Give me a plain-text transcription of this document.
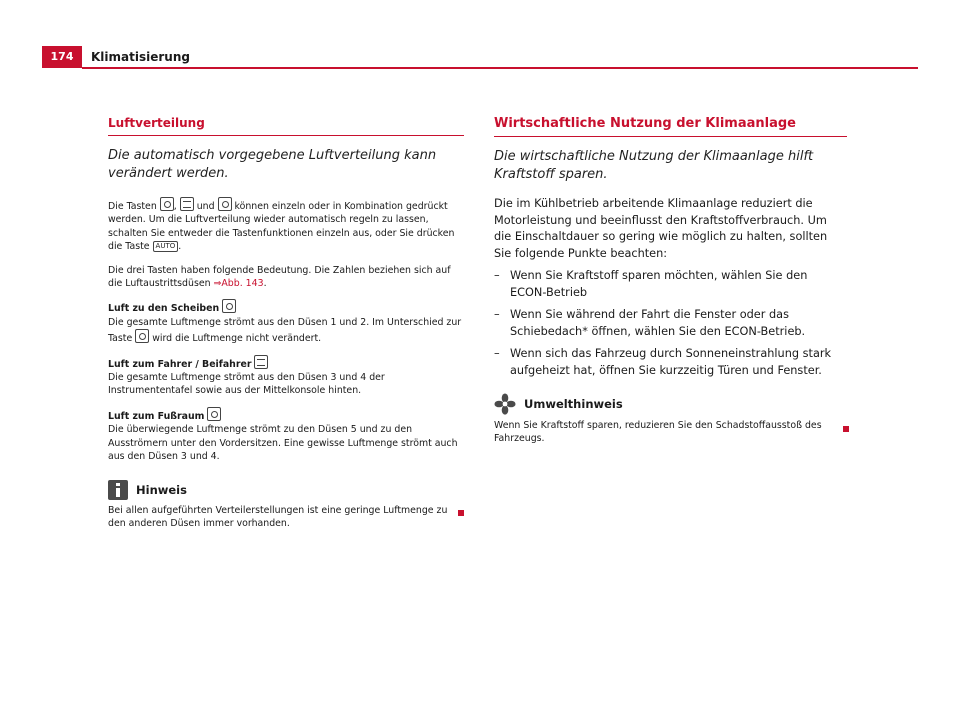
174	Klimatisierung
Luftverteilung
Die automatisch vorgegebene Luftverteilung kann verändert werden.

Die Tasten
,
und
können einzeln oder in Kombination gedrückt werden. Um die Luftverteilung wieder automatisch regeln zu lassen, schalten Sie entweder die Tastenfunktionen einzeln aus, oder Sie drücken die Taste AUTO .

Die drei Tasten haben folgende Bedeutung. Die Zahlen beziehen sich auf die Luftaustrittsdüsen ⇒Abb. 143.

Luft zu den Scheiben

Die gesamte Luftmenge strömt aus den Düsen 1 und 2. Im Unterschied zur Taste
wird die Luftmenge nicht verändert.

Luft zum Fahrer / Beifahrer

Die gesamte Luftmenge strömt aus den Düsen 3 und 4 der Instrumententafel sowie aus der Mittelkonsole hinten.

Luft zum Fußraum

Die überwiegende Luftmenge strömt zu den Düsen 5 und zu den Ausströmern unter den Vordersitzen. Eine gewisse Luftmenge strömt auch aus den Düsen 3 und 4.

Hinweis

Bei allen aufgeführten Verteilerstellungen ist eine geringe Luftmenge zu den anderen Düsen immer vorhanden.

Wirtschaftliche Nutzung der Klimaanlage
Die wirtschaftliche Nutzung der Klimaanlage hilft Kraftstoff sparen.

Die im Kühlbetrieb arbeitende Klimaanlage reduziert die Motorleistung und beeinflusst den Kraftstoffverbrauch. Um die Einschaltdauer so gering wie möglich zu halten, sollten Sie folgende Punkte beachten:

– Wenn Sie Kraftstoff sparen möchten, wählen Sie den ECON-Betrieb
– Wenn Sie während der Fahrt die Fenster oder das Schiebedach* öffnen, wählen Sie den ECON-Betrieb.
– Wenn sich das Fahrzeug durch Sonneneinstrahlung stark aufgeheizt hat, öffnen Sie kurzzeitig Türen und Fenster.
Umwelthinweis

Wenn Sie Kraftstoff sparen, reduzieren Sie den Schadstoffausstoß des Fahrzeugs.
